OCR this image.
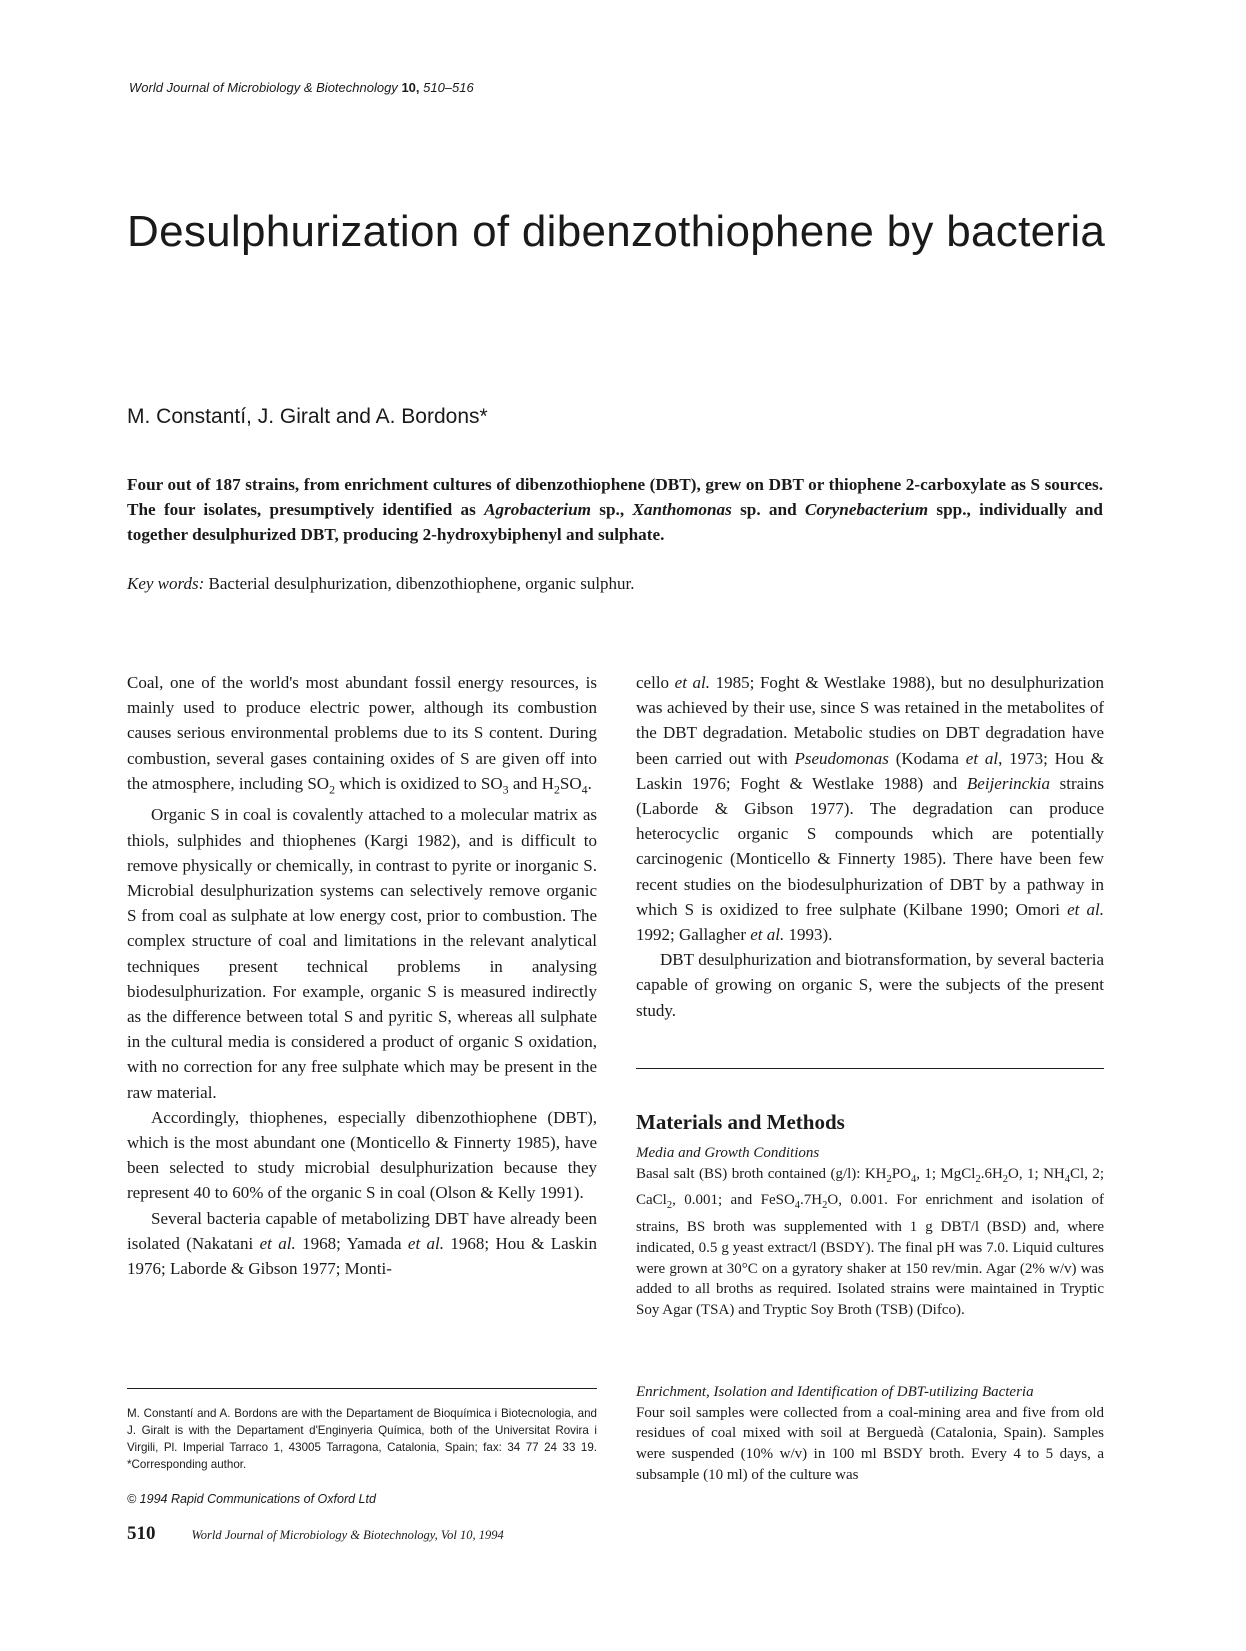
World Journal of Microbiology & Biotechnology 10, 510–516
Desulphurization of dibenzothiophene by bacteria
M. Constantí, J. Giralt and A. Bordons*

Four out of 187 strains, from enrichment cultures of dibenzothiophene (DBT), grew on DBT or thiophene 2-carboxylate as S sources. The four isolates, presumptively identified as Agrobacterium sp., Xanthomonas sp. and Corynebacterium spp., individually and together desulphurized DBT, producing 2-hydroxybiphenyl and sulphate.

Key words: Bacterial desulphurization, dibenzothiophene, organic sulphur.

Coal, one of the world's most abundant fossil energy resources, is mainly used to produce electric power, although its combustion causes serious environmental problems due to its S content. During combustion, several gases containing oxides of S are given off into the atmosphere, including $SO_2$ which is oxidized to $SO_3$ and $H_2SO_4$.

Organic S in coal is covalently attached to a molecular matrix as thiols, sulphides and thiophenes (Kargi 1982), and is difficult to remove physically or chemically, in contrast to pyrite or inorganic S. Microbial desulphurization systems can selectively remove organic S from coal as sulphate at low energy cost, prior to combustion. The complex structure of coal and limitations in the relevant analytical techniques present technical problems in analysing biodesulphurization. For example, organic S is measured indirectly as the difference between total S and pyritic S, whereas all sulphate in the cultural media is considered a product of organic S oxidation, with no correction for any free sulphate which may be present in the raw material.

Accordingly, thiophenes, especially dibenzothiophene (DBT), which is the most abundant one (Monticello & Finnerty 1985), have been selected to study microbial desulphurization because they represent 40 to 60% of the organic S in coal (Olson & Kelly 1991).

Several bacteria capable of metabolizing DBT have already been isolated (Nakatani et al. 1968; Yamada et al. 1968; Hou & Laskin 1976; Laborde & Gibson 1977; Monti-

cello et al. 1985; Foght & Westlake 1988), but no desulphurization was achieved by their use, since S was retained in the metabolites of the DBT degradation. Metabolic studies on DBT degradation have been carried out with Pseudomonas (Kodama et al, 1973; Hou & Laskin 1976; Foght & Westlake 1988) and Beijerinckia strains (Laborde & Gibson 1977). The degradation can produce heterocyclic organic S compounds which are potentially carcinogenic (Monticello & Finnerty 1985). There have been few recent studies on the biodesulphurization of DBT by a pathway in which S is oxidized to free sulphate (Kilbane 1990; Omori et al. 1992; Gallagher et al. 1993).

DBT desulphurization and biotransformation, by several bacteria capable of growing on organic S, were the subjects of the present study.

Materials and Methods
Media and Growth Conditions

Basal salt (BS) broth contained (g/l): $KH_2PO_4$, 1; $MgCl_2.6H_2O$, 1; $NH_4Cl$, 2; CaCl$_2$, 0.001; and $FeSO_4.7H_2O$, 0.001. For enrichment and isolation of strains, BS broth was supplemented with 1 g DBT/l (BSD) and, where indicated, 0.5 g yeast extract/l (BSDY). The final pH was 7.0. Liquid cultures were grown at 30°C on a gyratory shaker at 150 rev/min. Agar (2% w/v) was added to all broths as required. Isolated strains were maintained in Tryptic Soy Agar (TSA) and Tryptic Soy Broth (TSB) (Difco).

Enrichment, Isolation and Identification of DBT-utilizing Bacteria

Four soil samples were collected from a coal-mining area and five from old residues of coal mixed with soil at Berguedà (Catalonia, Spain). Samples were suspended (10% w/v) in 100 ml BSDY broth. Every 4 to 5 days, a subsample (10 ml) of the culture was

M. Constantí and A. Bordons are with the Departament de Bioquímica i Biotecnologia, and J. Giralt is with the Departament d'Enginyeria Química, both of the Universitat Rovira i Virgili, Pl. Imperial Tarraco 1, 43005 Tarragona, Catalonia, Spain; fax: 34 77 24 33 19. *Corresponding author.

© 1994 Rapid Communications of Oxford Ltd
510	World Journal of Microbiology & Biotechnology, Vol 10, 1994
